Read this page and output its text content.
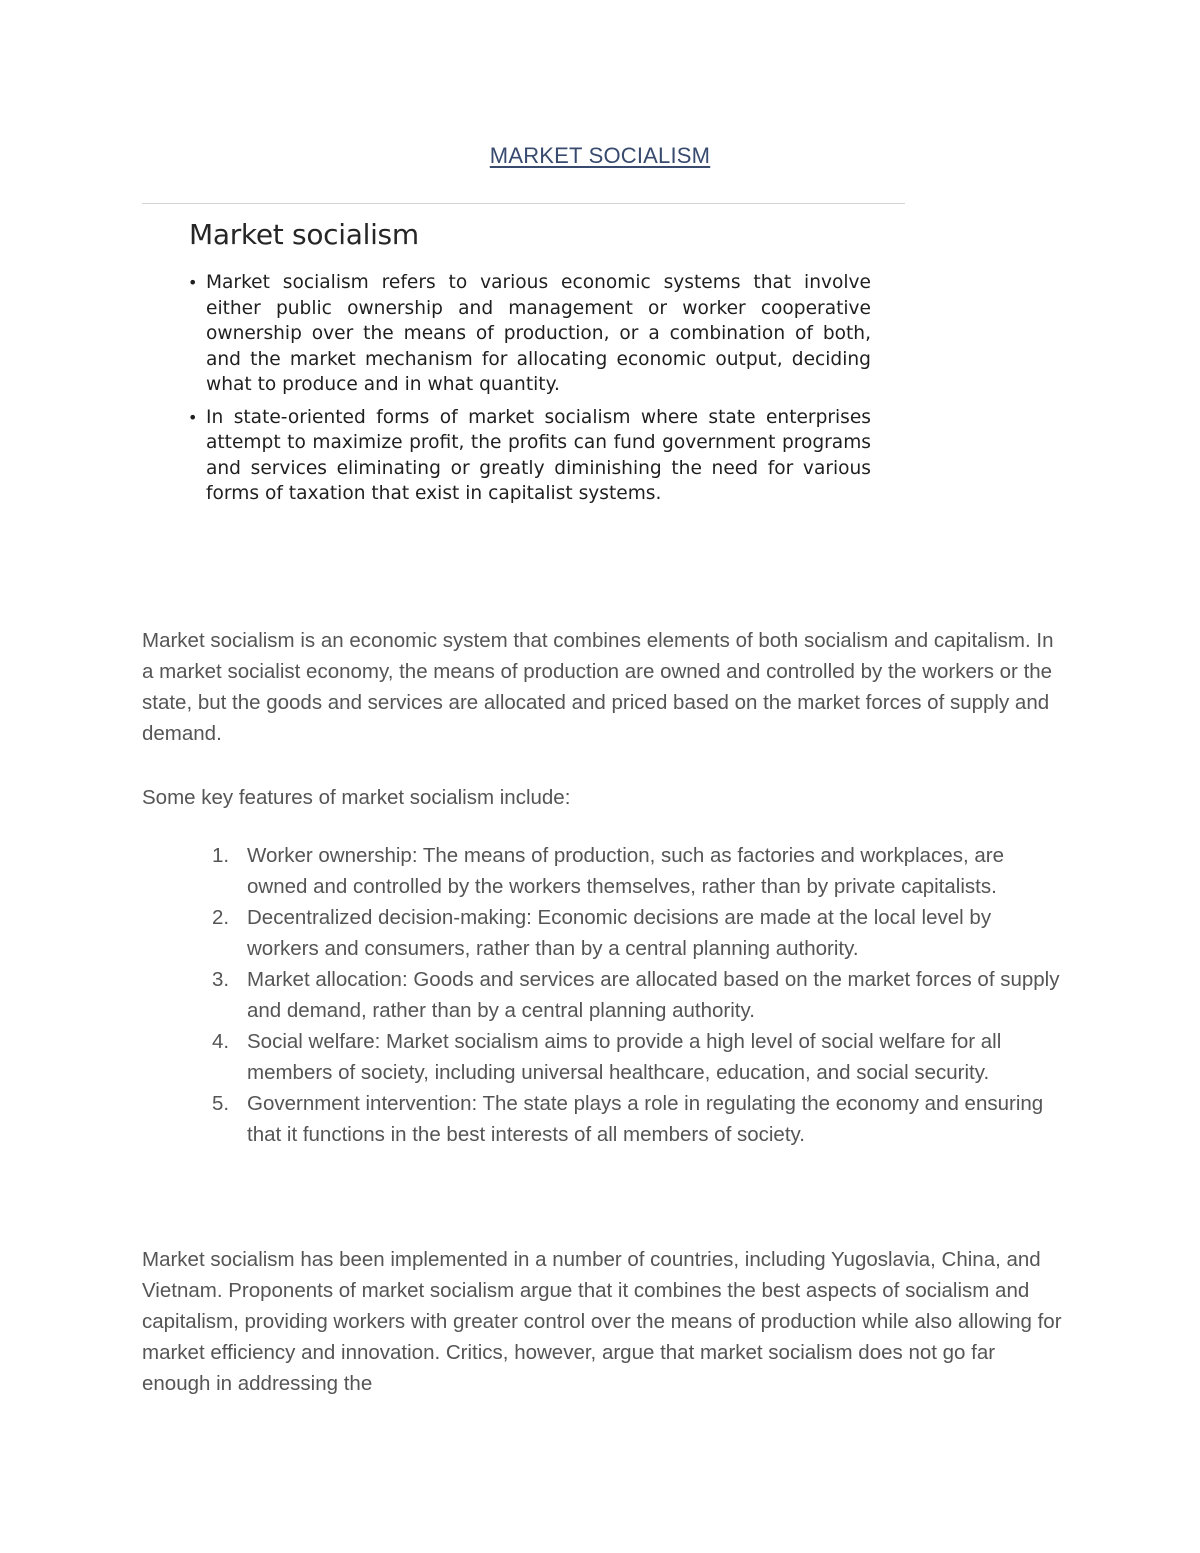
MARKET SOCIALISM
Market socialism
• Market socialism refers to various economic systems that involve either public ownership and management or worker cooperative ownership over the means of production, or a combination of both, and the market mechanism for allocating economic output, deciding what to produce and in what quantity.
• In state-oriented forms of market socialism where state enterprises attempt to maximize profit, the profits can fund government programs and services eliminating or greatly diminishing the need for various forms of taxation that exist in capitalist systems.

Market socialism is an economic system that combines elements of both socialism and capitalism. In a market socialist economy, the means of production are owned and controlled by the workers or the state, but the goods and services are allocated and priced based on the market forces of supply and demand.

Some key features of market socialism include:

1. Worker ownership: The means of production, such as factories and workplaces, are owned and controlled by the workers themselves, rather than by private capitalists.
2. Decentralized decision-making: Economic decisions are made at the local level by workers and consumers, rather than by a central planning authority.
3. Market allocation: Goods and services are allocated based on the market forces of supply and demand, rather than by a central planning authority.
4. Social welfare: Market socialism aims to provide a high level of social welfare for all members of society, including universal healthcare, education, and social security.
5. Government intervention: The state plays a role in regulating the economy and ensuring that it functions in the best interests of all members of society.

Market socialism has been implemented in a number of countries, including Yugoslavia, China, and Vietnam. Proponents of market socialism argue that it combines the best aspects of socialism and capitalism, providing workers with greater control over the means of production while also allowing for market efficiency and innovation. Critics, however, argue that market socialism does not go far enough in addressing the
